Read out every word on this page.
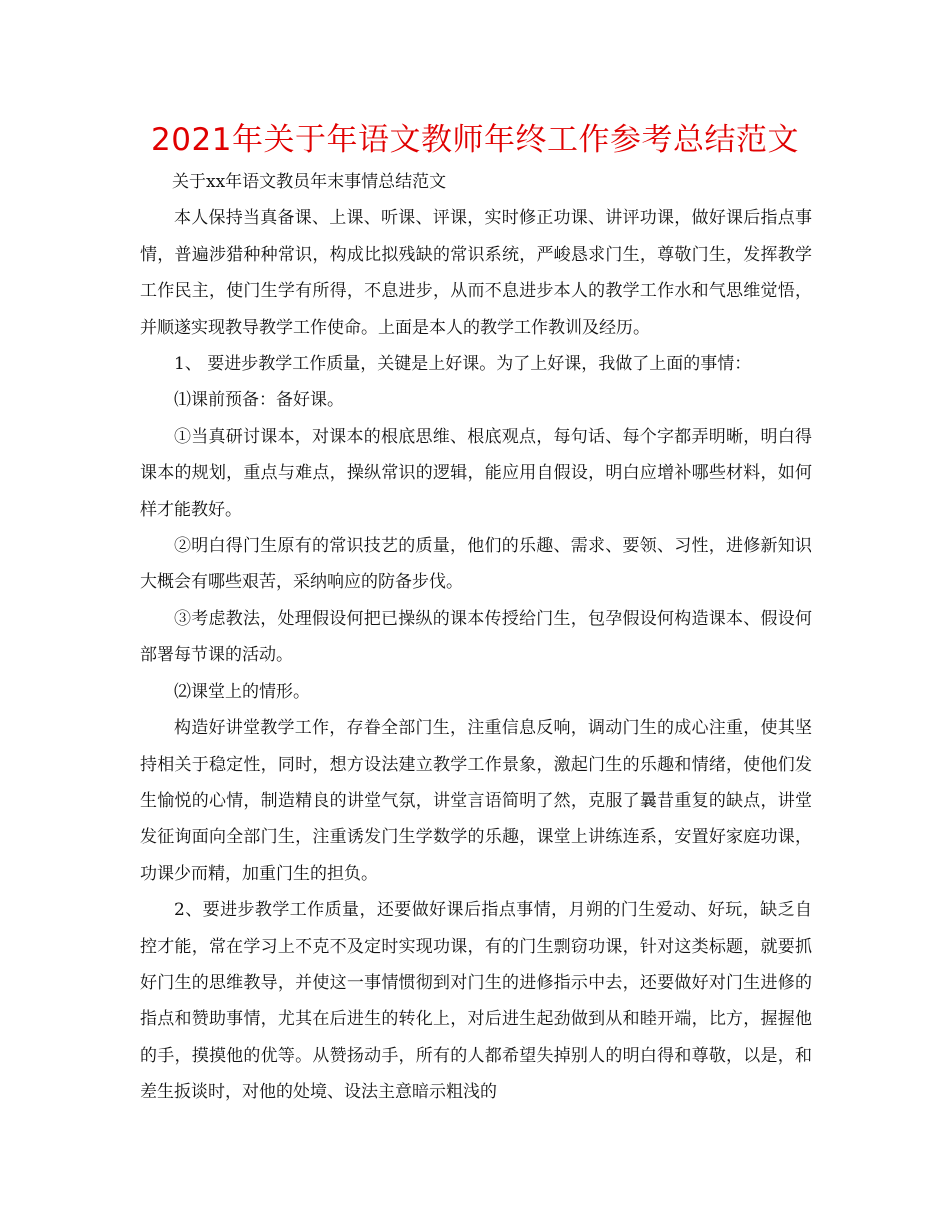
2021年关于年语文教师年终工作参考总结范文

关于xx年语文教员年末事情总结范文

本人保持当真备课、上课、听课、评课，实时修正功课、讲评功课，做好课后指点事情，普遍涉猎种种常识，构成比拟残缺的常识系统，严峻恳求门生，尊敬门生，发挥教学工作民主，使门生学有所得，不息进步，从而不息进步本人的教学工作水和气思维觉悟，并顺遂实现教导教学工作使命。上面是本人的教学工作教训及经历。

1、 要进步教学工作质量，关键是上好课。为了上好课，我做了上面的事情：

⑴课前预备：备好课。

①当真研讨课本，对课本的根底思维、根底观点，每句话、每个字都弄明晰，明白得课本的规划，重点与难点，操纵常识的逻辑，能应用自假设，明白应增补哪些材料，如何样才能教好。

②明白得门生原有的常识技艺的质量，他们的乐趣、需求、要领、习性，进修新知识大概会有哪些艰苦，采纳响应的防备步伐。

③考虑教法，处理假设何把已操纵的课本传授给门生，包孕假设何构造课本、假设何部署每节课的活动。

⑵课堂上的情形。

构造好讲堂教学工作，存眷全部门生，注重信息反响，调动门生的成心注重，使其坚持相关于稳定性，同时，想方设法建立教学工作景象，激起门生的乐趣和情绪，使他们发生愉悦的心情，制造精良的讲堂气氛，讲堂言语简明了然，克服了曩昔重复的缺点，讲堂发征询面向全部门生，注重诱发门生学数学的乐趣，课堂上讲练连系，安置好家庭功课，功课少而精，加重门生的担负。

2、要进步教学工作质量，还要做好课后指点事情，月朔的门生爱动、好玩，缺乏自控才能，常在学习上不克不及定时实现功课，有的门生剽窃功课，针对这类标题，就要抓好门生的思维教导，并使这一事情惯彻到对门生的进修指示中去，还要做好对门生进修的指点和赞助事情，尤其在后进生的转化上，对后进生起劲做到从和睦开端，比方，握握他的手，摸摸他的优等。从赞扬动手，所有的人都希望失掉别人的明白得和尊敬，以是，和差生扳谈时，对他的处境、设法主意暗示粗浅的
